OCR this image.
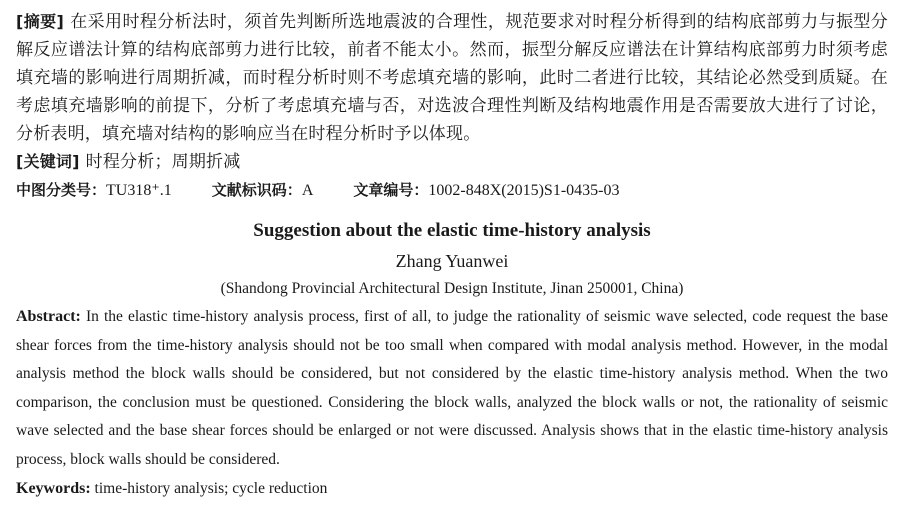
[摘要] 在采用时程分析法时，须首先判断所选地震波的合理性，规范要求对时程分析得到的结构底部剪力与振型分解反应谱法计算的结构底部剪力进行比较，前者不能太小。然而，振型分解反应谱法在计算结构底部剪力时须考虑填充墙的影响进行周期折减，而时程分析时则不考虑填充墙的影响，此时二者进行比较，其结论必然受到质疑。在考虑填充墙影响的前提下，分析了考虑填充墙与否，对选波合理性判断及结构地震作用是否需要放大进行了讨论，分析表明，填充墙对结构的影响应当在时程分析时予以体现。

[关键词] 时程分析；周期折减

中图分类号：TU318⁺.1	文献标识码：A	文章编号：1002-848X(2015)S1-0435-03

Suggestion about the elastic time-history analysis

Zhang Yuanwei

(Shandong Provincial Architectural Design Institute, Jinan 250001, China)

Abstract: In the elastic time-history analysis process, first of all, to judge the rationality of seismic wave selected, code request the base shear forces from the time-history analysis should not be too small when compared with modal analysis method. However, in the modal analysis method the block walls should be considered, but not considered by the elastic time-history analysis method. When the two comparison, the conclusion must be questioned. Considering the block walls, analyzed the block walls or not, the rationality of seismic wave selected and the base shear forces should be enlarged or not were discussed. Analysis shows that in the elastic time-history analysis process, block walls should be considered.

Keywords: time-history analysis; cycle reduction
